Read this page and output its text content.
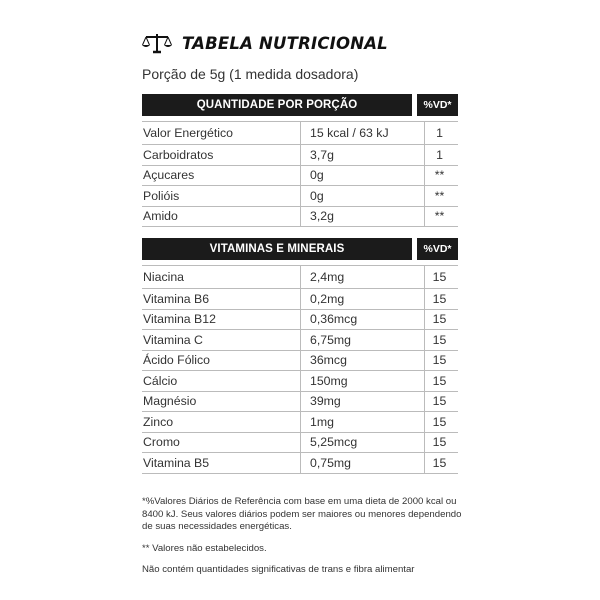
TABELA NUTRICIONAL
Porção de 5g (1 medida dosadora)
QUANTIDADE POR PORÇÃO	%VD*
Valor Energético	15 kcal / 63 kJ	1
Carboidratos	3,7g	1
Açucares	0g	**
Polióis	0g	**
Amido	3,2g	**
VITAMINAS E MINERAIS	%VD*
Niacina	2,4mg	15
Vitamina B6	0,2mg	15
Vitamina B12	0,36mcg	15
Vitamina C	6,75mg	15
Ácido Fólico	36mcg	15
Cálcio	150mg	15
Magnésio	39mg	15
Zinco	1mg	15
Cromo	5,25mcg	15
Vitamina B5	0,75mg	15

*%Valores Diários de Referência com base em uma dieta de 2000 kcal ou 8400 kJ. Seus valores diários podem ser maiores ou menores dependendo de suas necessidades energéticas.

** Valores não estabelecidos.

Não contém quantidades significativas de trans e fibra alimentar
